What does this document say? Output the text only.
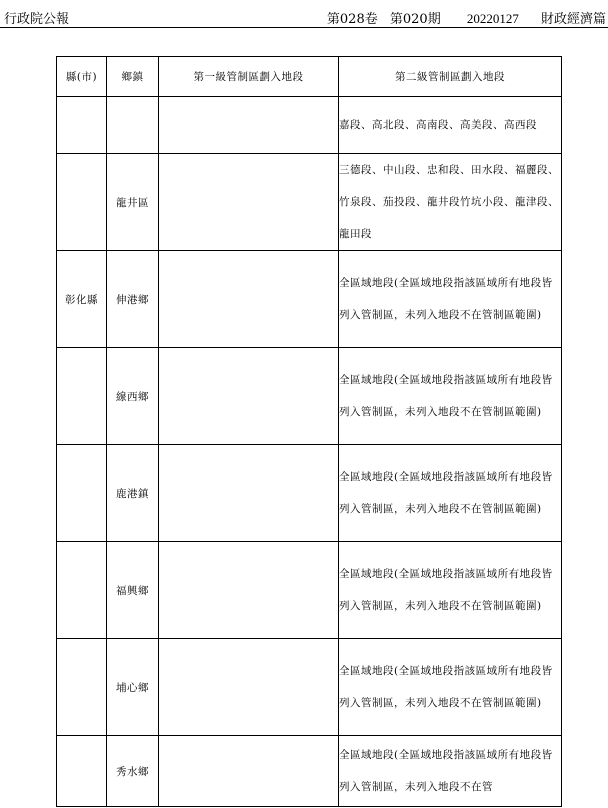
行政院公報	第028卷 第020期 20220127 財政經濟篇
縣(市)	鄉鎮	第一級管制區劃入地段	第二級管制區劃入地段
			嘉段、高北段、高南段、高美段、高西段
	龍井區		三德段、中山段、忠和段、田水段、福麗段、竹泉段、茄投段、龍井段竹坑小段、龍津段、龍田段
彰化縣	伸港鄉		全區域地段(全區域地段指該區域所有地段皆列入管制區，未列入地段不在管制區範圍)
	線西鄉		全區域地段(全區域地段指該區域所有地段皆列入管制區，未列入地段不在管制區範圍)
	鹿港鎮		全區域地段(全區域地段指該區域所有地段皆列入管制區，未列入地段不在管制區範圍)
	福興鄉		全區域地段(全區域地段指該區域所有地段皆列入管制區，未列入地段不在管制區範圍)
	埔心鄉		全區域地段(全區域地段指該區域所有地段皆列入管制區，未列入地段不在管制區範圍)
	秀水鄉		全區域地段(全區域地段指該區域所有地段皆列入管制區，未列入地段不在管
